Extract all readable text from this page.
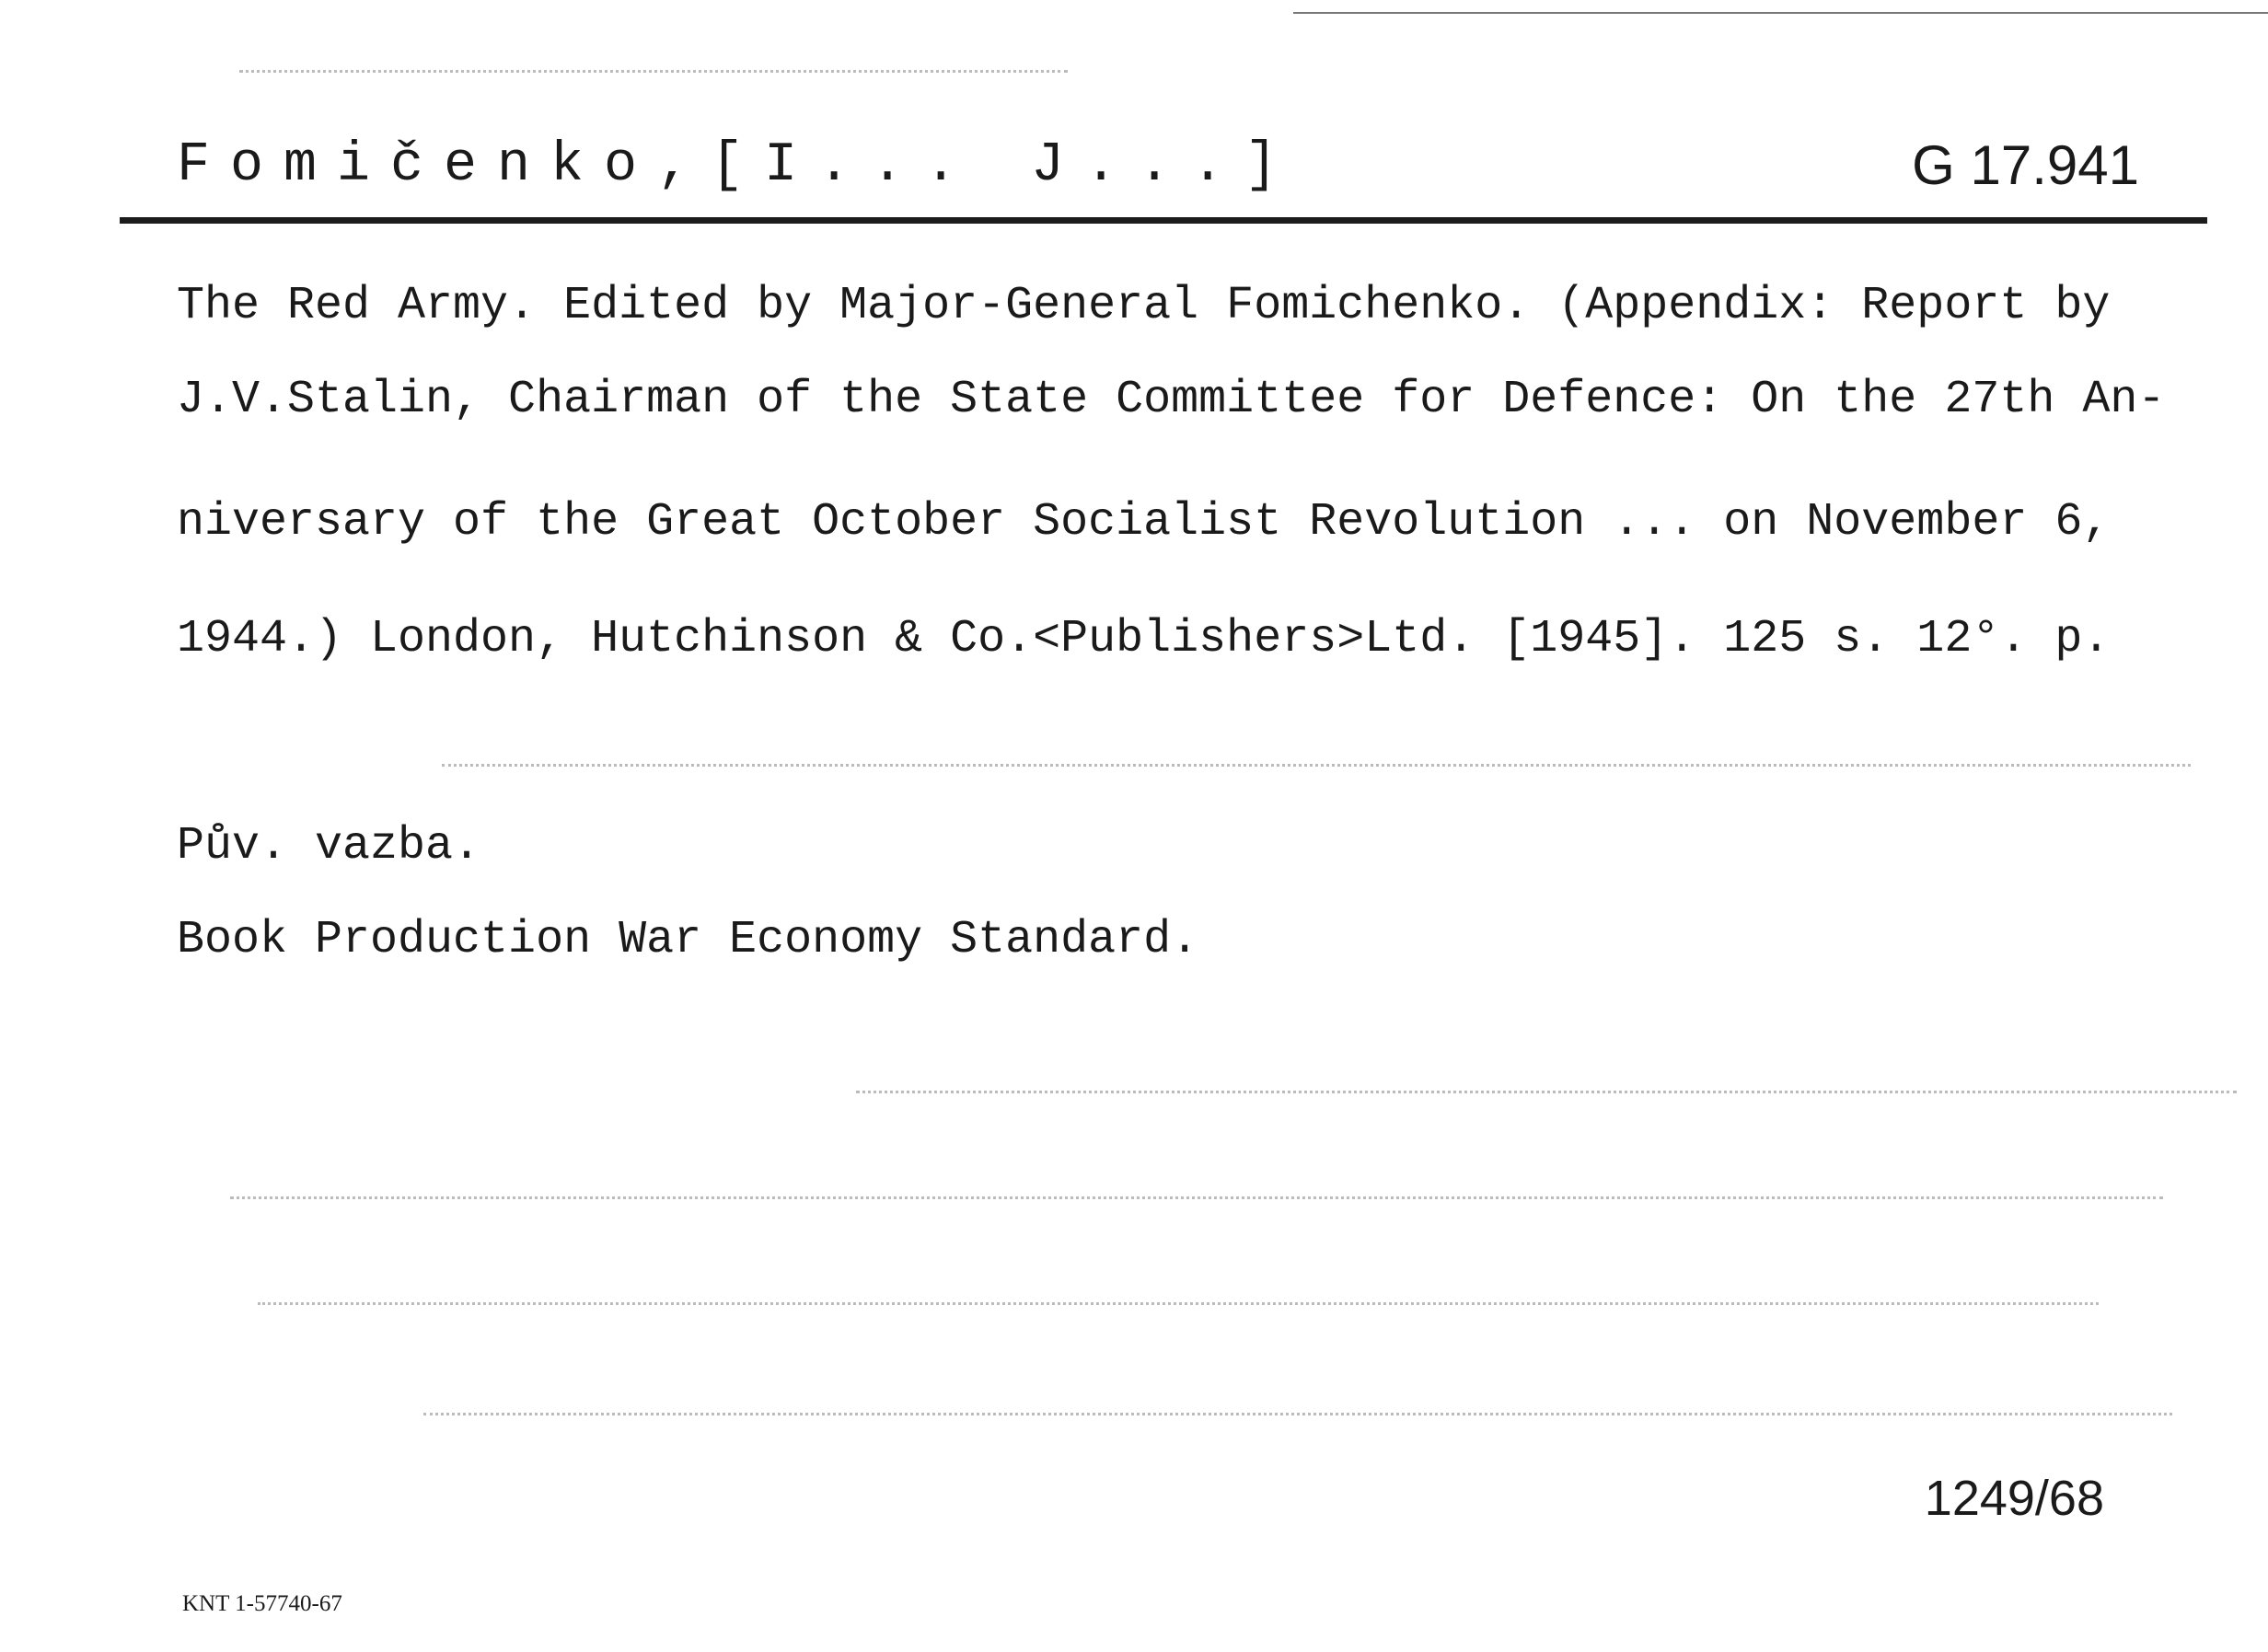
Fomičenko,[I... J...]	G 17.941
The Red Army. Edited by Major-General Fomichenko. (Appendix: Report by
J.V.Stalin, Chairman of the State Committee for Defence: On the 27th An-
niversary of the Great October Socialist Revolution ... on November 6,
1944.) London, Hutchinson & Co.<Publishers>Ltd. [1945]. 125 s. 12°. p.
Pův. vazba.
Book Production War Economy Standard.
1249/68
KNT 1-57740-67
